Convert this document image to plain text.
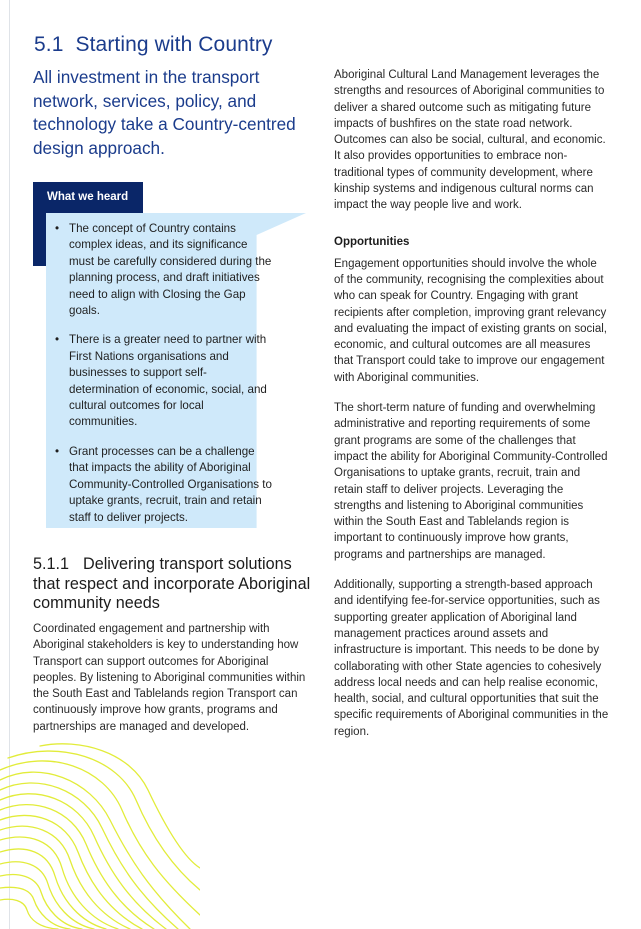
5.1 Starting with Country

All investment in the transport network, services, policy, and technology take a Country-centred design approach.

What we heard
• The concept of Country contains complex ideas, and its significance must be carefully considered during the planning process, and draft initiatives need to align with Closing the Gap goals.
• There is a greater need to partner with First Nations organisations and businesses to support self-determination of economic, social, and cultural outcomes for local communities.
• Grant processes can be a challenge that impacts the ability of Aboriginal Community-Controlled Organisations to uptake grants, recruit, train and retain staff to deliver projects.
5.1.1 Delivering transport solutions that respect and incorporate Aboriginal community needs

Coordinated engagement and partnership with Aboriginal stakeholders is key to understanding how Transport can support outcomes for Aboriginal peoples. By listening to Aboriginal communities within the South East and Tablelands region Transport can continuously improve how grants, programs and partnerships are managed and developed.

Aboriginal Cultural Land Management leverages the strengths and resources of Aboriginal communities to deliver a shared outcome such as mitigating future impacts of bushfires on the state road network. Outcomes can also be social, cultural, and economic. It also provides opportunities to embrace non-traditional types of community development, where kinship systems and indigenous cultural norms can impact the way people live and work.

Opportunities

Engagement opportunities should involve the whole of the community, recognising the complexities about who can speak for Country. Engaging with grant recipients after completion, improving grant relevancy and evaluating the impact of existing grants on social, economic, and cultural outcomes are all measures that Transport could take to improve our engagement with Aboriginal communities.

The short-term nature of funding and overwhelming administrative and reporting requirements of some grant programs are some of the challenges that impact the ability for Aboriginal Community-Controlled Organisations to uptake grants, recruit, train and retain staff to deliver projects. Leveraging the strengths and listening to Aboriginal communities within the South East and Tablelands region is important to continuously improve how grants, programs and partnerships are managed.

Additionally, supporting a strength-based approach and identifying fee-for-service opportunities, such as supporting greater application of Aboriginal land management practices around assets and infrastructure is important. This needs to be done by collaborating with other State agencies to cohesively address local needs and can help realise economic, health, social, and cultural opportunities that suit the specific requirements of Aboriginal communities in the region.
